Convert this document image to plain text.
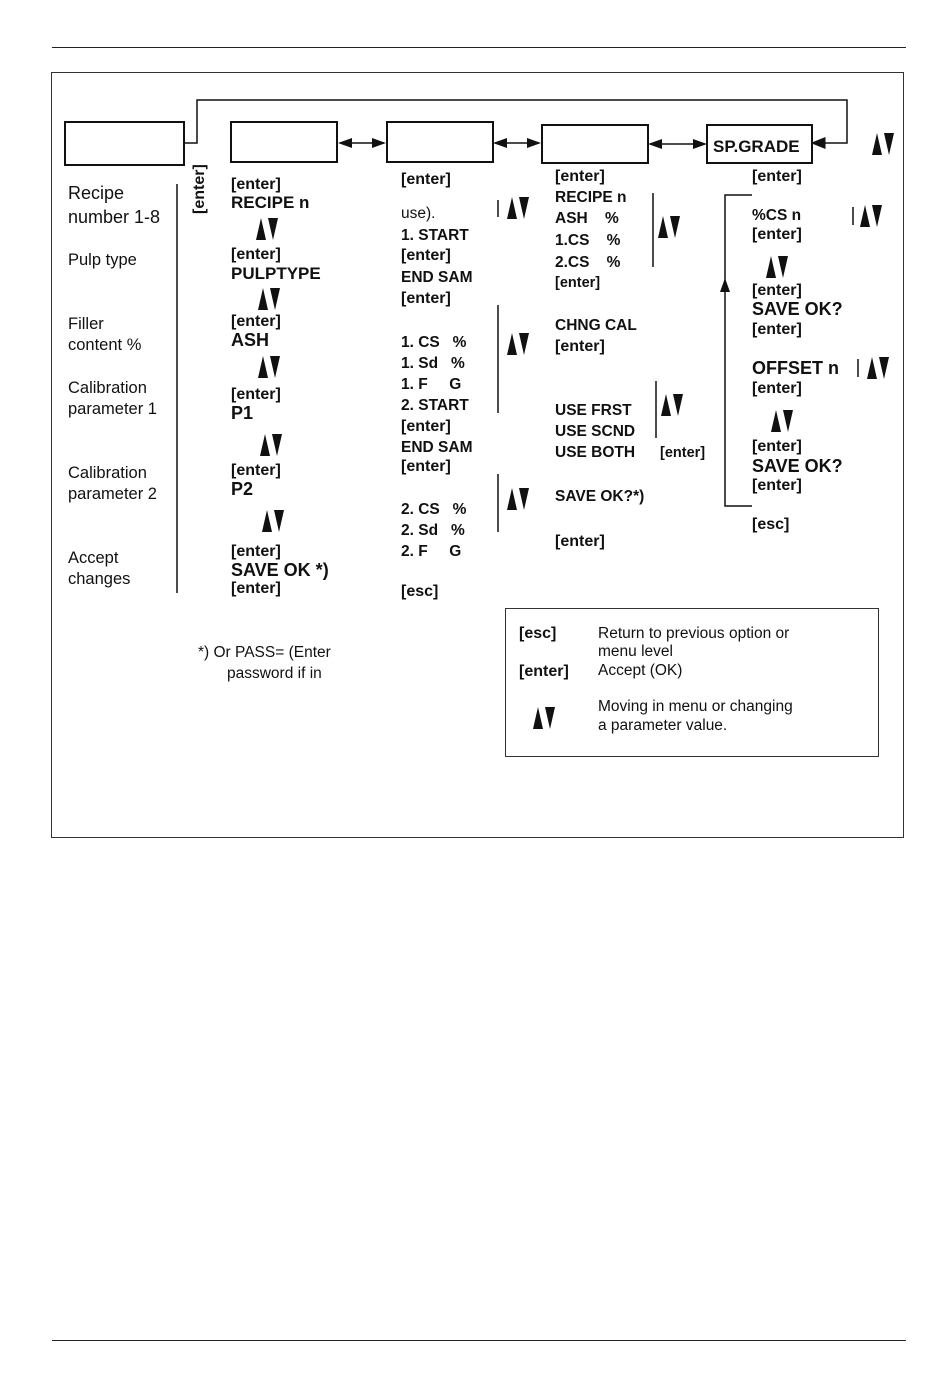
SP.GRADE
[enter]
Recipe
number 1-8
Pulp type
Filler
content %
Calibration
parameter 1
Calibration
parameter 2
Accept
changes
[enter]
RECIPE n
[enter]
PULPTYPE
[enter]
ASH
[enter]
P1
[enter]
P2
[enter]
SAVE OK *)
[enter]
*) Or PASS= (Enter
password if in
[enter]
use).
1. START
[enter]
END SAM
[enter]
1. CS   %
1. Sd   %
1. F     G
2. START
[enter]
END SAM
[enter]
2. CS   %
2. Sd   %
2. F     G
[esc]
[enter]
RECIPE n
ASH    %
1.CS    %
2.CS    %
[enter]
CHNG CAL
[enter]
USE FRST
USE SCND
USE BOTH [enter]
SAVE OK?*)
[enter]
[enter]
%CS n
[enter]
[enter]
SAVE OK?
[enter]
OFFSET n
[enter]
[enter]
SAVE OK?
[enter]
[esc]
[esc]	Return to previous option or
menu level
[enter] Accept (OK)
Moving in menu or changing
a parameter value.
